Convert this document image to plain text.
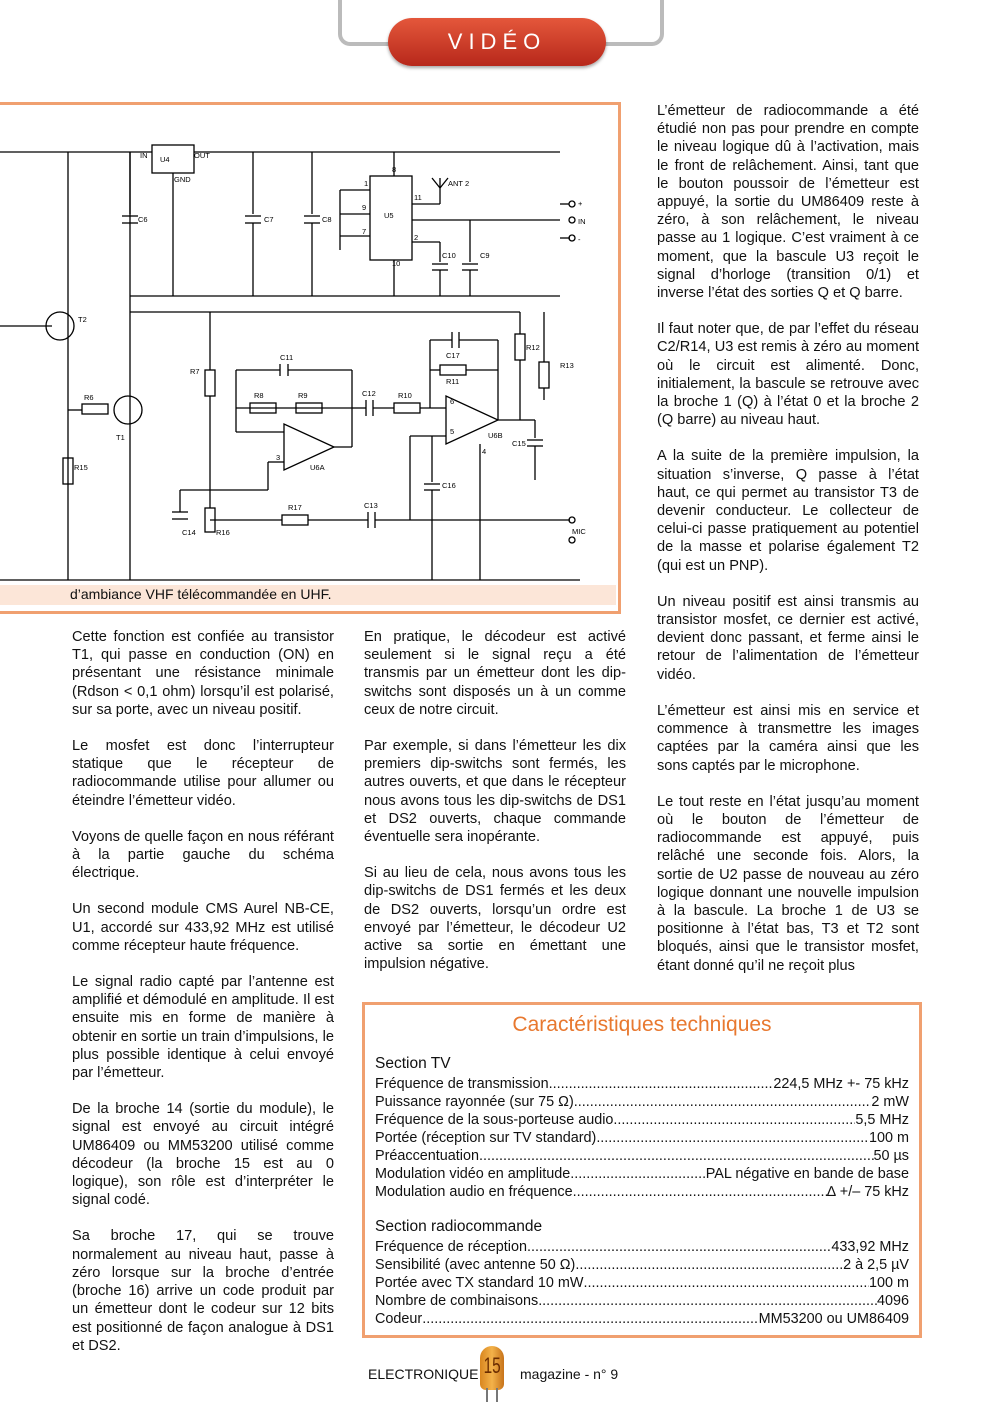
VIDÉO
IN U4	OUT
GND
C6	C7	C8	U5
ANT 2
C10	C9
T2
C11
R7
R8	R9	C12	R10
C17
R11
R12
R13
R6
T1
R15	U6A
U6B
C15
C16
R17	C13
C14	R16
+
IN
-
MIC
1
8
9
7
11
2
10
3
6
5
4
d’ambiance VHF télécommandée en UHF.

Cette fonction est confiée au transistor T1, qui passe en conduction (ON) en présentant une résistance minimale (Rdson < 0,1 ohm) lorsqu’il est polarisé, sur sa porte, avec un niveau positif.

Le mosfet est donc l’interrupteur statique que le récepteur de radiocommande utilise pour allumer ou éteindre l’émetteur vidéo.

Voyons de quelle façon en nous référant à la partie gauche du schéma électrique.

Un second module CMS Aurel NB-CE, U1, accordé sur 433,92 MHz est utilisé comme récepteur haute fréquence.

Le signal radio capté par l’antenne est amplifié et démodulé en amplitude. Il est ensuite mis en forme de manière à obtenir en sortie un train d’impulsions, le plus possible identique à celui envoyé par l’émetteur.

De la broche 14 (sortie du module), le signal est envoyé au circuit intégré UM86409 ou MM53200 utilisé comme décodeur (la broche 15 est au 0 logique), son rôle est d’interpréter le signal codé.

Sa broche 17, qui se trouve normalement au niveau haut, passe à zéro lorsque sur la broche d’entrée (broche 16) arrive un code produit par un émetteur dont le codeur sur 12 bits est positionné de façon analogue à DS1 et DS2.

En pratique, le décodeur est activé seulement si le signal reçu a été transmis par un émetteur dont les dip-switchs sont disposés un à un comme ceux de notre circuit.

Par exemple, si dans l’émetteur les dix premiers dip-switchs sont fermés, les autres ouverts, et que dans le récepteur nous avons tous les dip-switchs de DS1 et DS2 ouverts, chaque commande éventuelle sera inopérante.

Si au lieu de cela, nous avons tous les dip-switchs de DS1 fermés et les deux de DS2 ouverts, lorsqu’un ordre est envoyé par l’émetteur, le décodeur U2 active sa sortie en émettant une impulsion négative.

L’émetteur de radiocommande a été étudié non pas pour prendre en compte le niveau logique dû à l’activation, mais le front de relâchement. Ainsi, tant que le bouton poussoir de l’émetteur est appuyé, la sortie du UM86409 reste à zéro, à son relâchement, le niveau passe au 1 logique. C’est vraiment à ce moment, que la bascule U3 reçoit le signal d’horloge (transition 0/1) et inverse l’état des sorties Q et Q barre.

Il faut noter que, de par l’effet du réseau C2/R14, U3 est remis à zéro au moment où le circuit est alimenté. Donc, initialement, la bascule se retrouve avec la broche 1 (Q) à l’état 0 et la broche 2 (Q barre) au niveau haut.

A la suite de la première impulsion, la situation s’inverse, Q passe à l’état haut, ce qui permet au transistor T3 de devenir conducteur. Le collecteur de celui-ci passe pratiquement au potentiel de la masse et polarise également T2 (qui est un PNP).

Un niveau positif est ainsi transmis au transistor mosfet, ce dernier est activé, devient donc passant, et ferme ainsi le retour de l’alimentation de l’émetteur vidéo.

L’émetteur est ainsi mis en service et commence à transmettre les images captées par la caméra ainsi que les sons captés par le microphone.

Le tout reste en l’état jusqu’au moment où le bouton de l’émetteur de radiocommande est appuyé, puis relâché une seconde fois. Alors, la sortie de U2 passe de nouveau au zéro logique donnant une nouvelle impulsion à la bascule. La broche 1 de U3 se positionne à l’état bas, T3 et T2 sont bloqués, ainsi que le transistor mosfet, étant donné qu’il ne reçoit plus

Caractéristiques techniques
Section TV
Fréquence de transmission .....	224,5 MHz +- 75 kHz
Puissance rayonnée (sur 75 Ω) .....	2 mW
Fréquence de la sous-porteuse audio .....	5,5 MHz
Portée (réception sur TV standard) .....	100 m
Préaccentuation .....	50 µs
Modulation vidéo en amplitude .....	PAL négative en bande de base
Modulation audio en fréquence .....	∆ +/– 75 kHz
Section radiocommande
Fréquence de réception .....	433,92 MHz
Sensibilité (avec antenne 50 Ω) .....	2 à 2,5 µV
Portée avec TX standard 10 mW .....	100 m
Nombre de combinaisons .....	4096
Codeur .....	MM53200 ou UM86409
ELECTRONIQUE 15 magazine - n° 9
